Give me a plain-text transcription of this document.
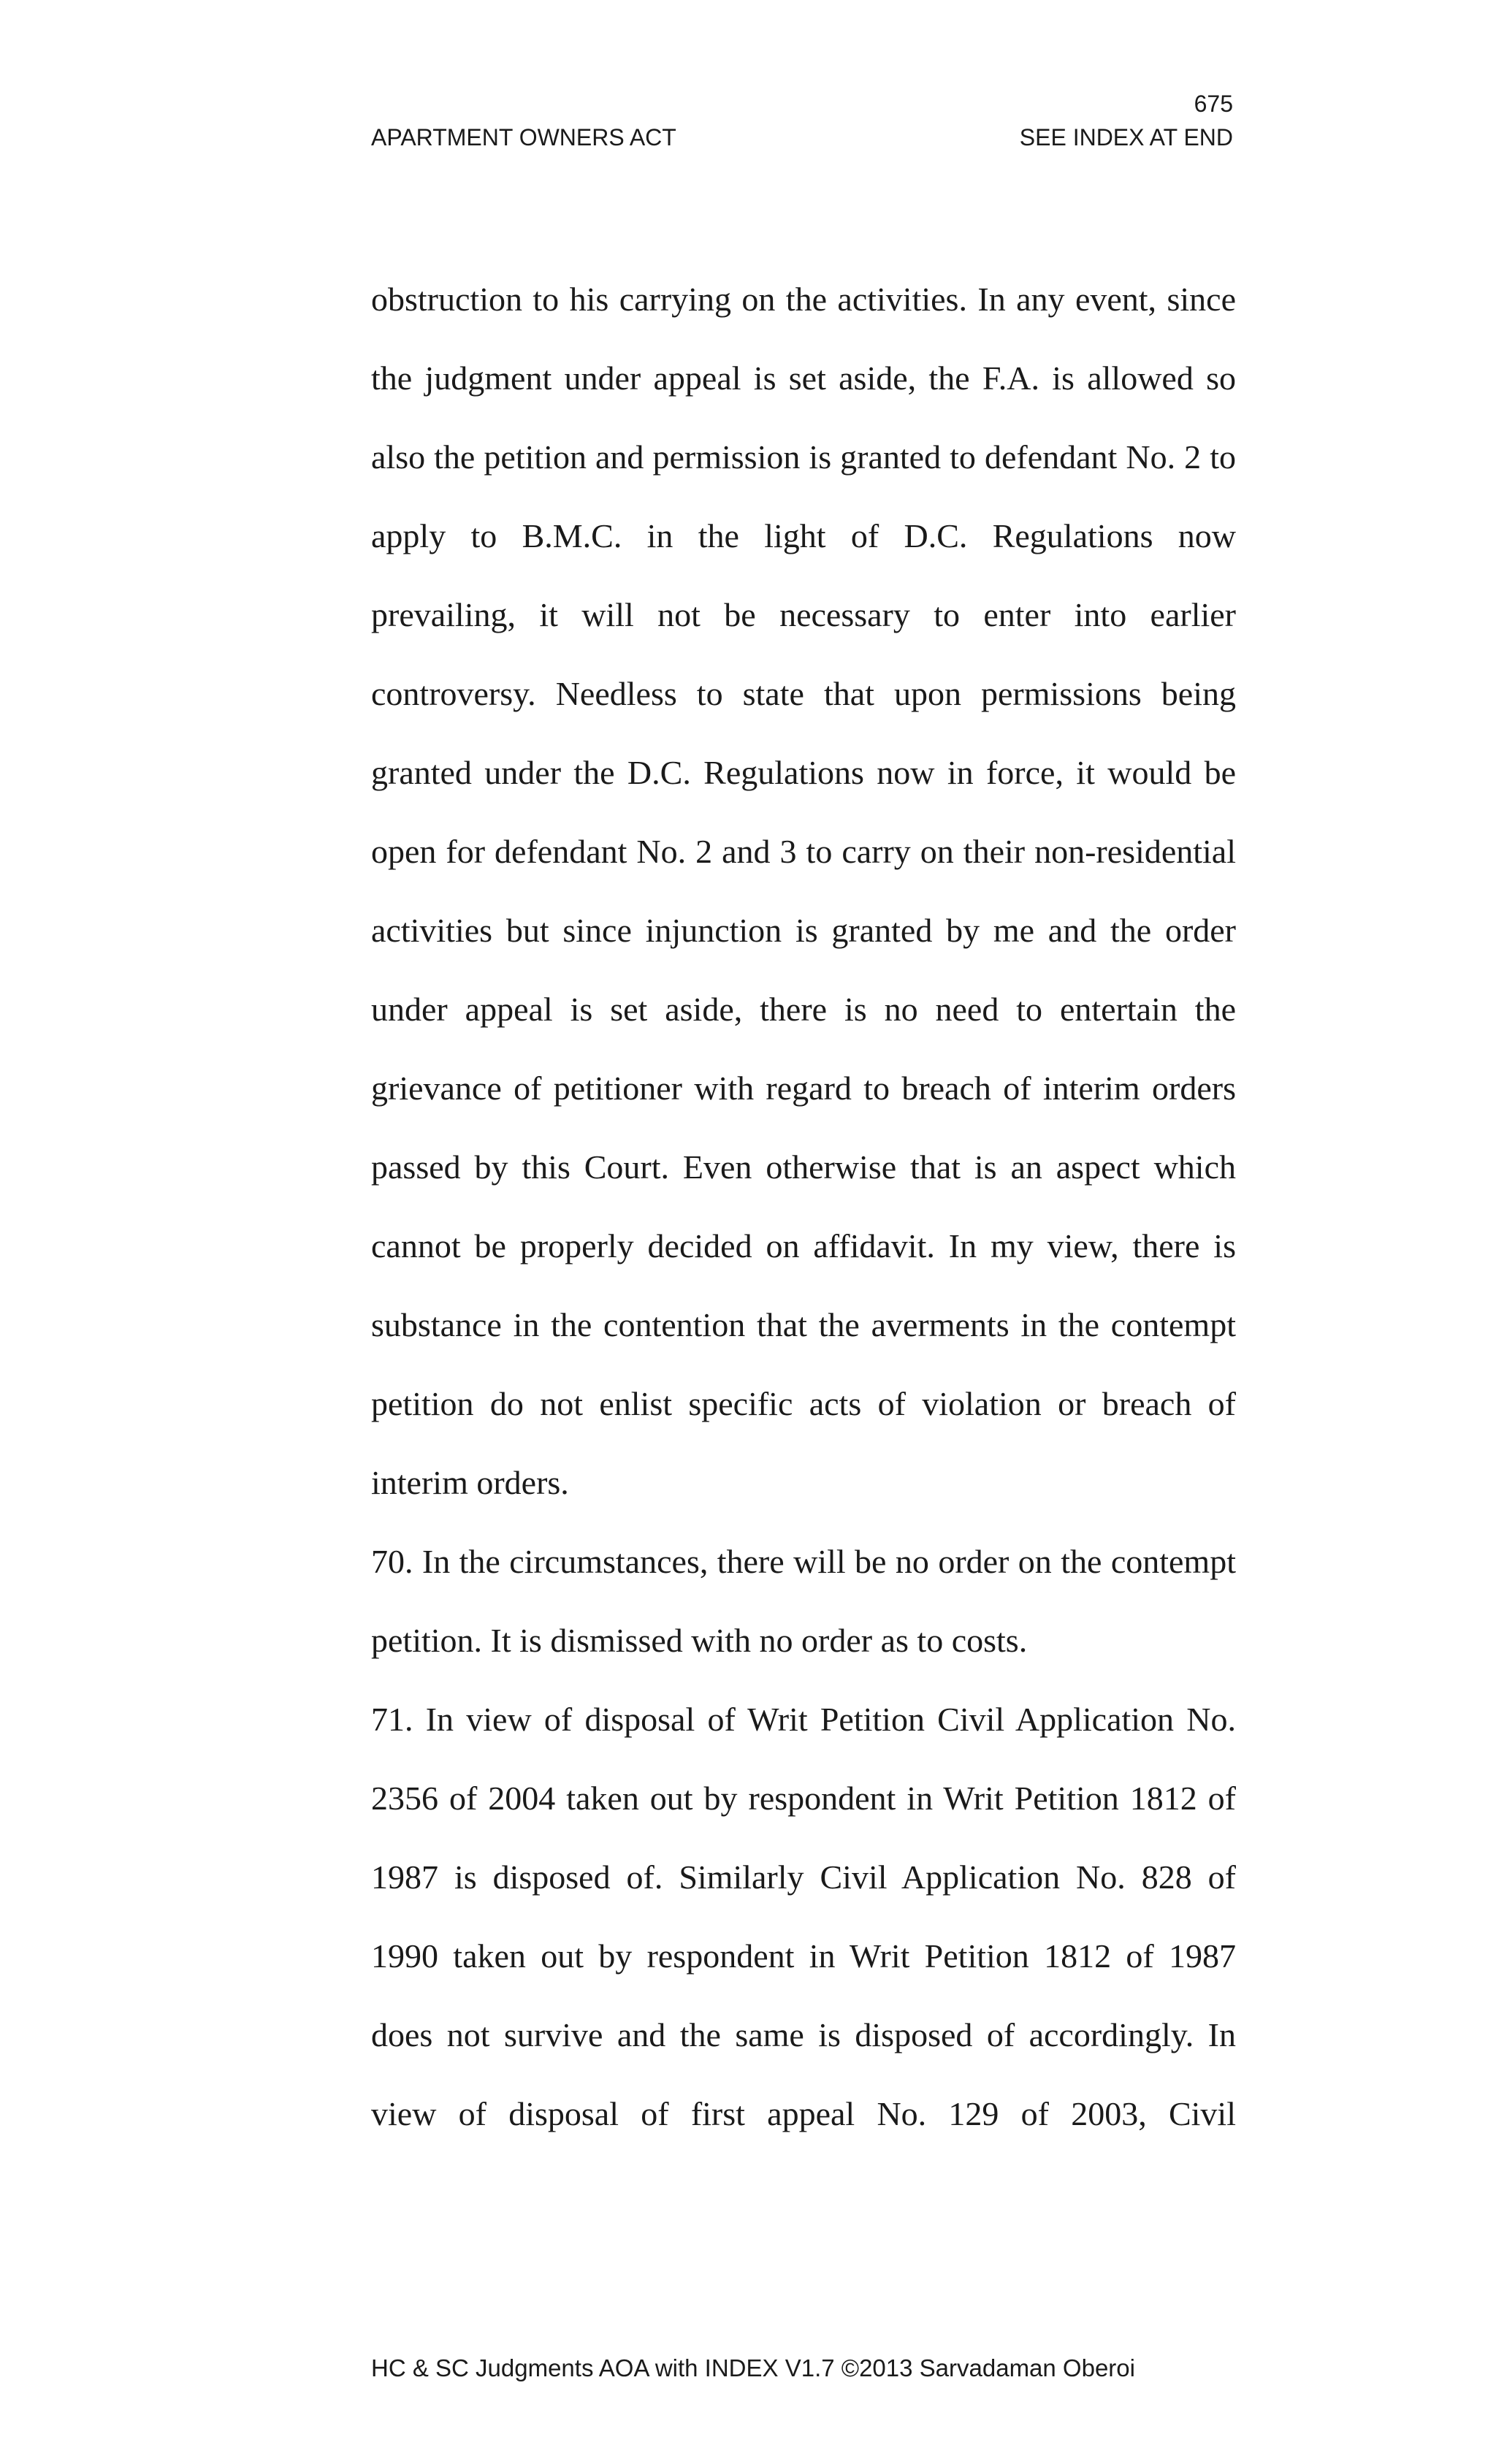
675
APARTMENT OWNERS ACT	SEE INDEX AT END

obstruction to his carrying on the activities. In any event, since the judgment under appeal is set aside, the F.A. is allowed so also the petition and permission is granted to defendant No. 2 to apply to B.M.C. in the light of D.C. Regulations now prevailing, it will not be necessary to enter into earlier controversy. Needless to state that upon permissions being granted under the D.C. Regulations now in force, it would be open for defendant No. 2 and 3 to carry on their non-residential activities but since injunction is granted by me and the order under appeal is set aside, there is no need to entertain the grievance of petitioner with regard to breach of interim orders passed by this Court. Even otherwise that is an aspect which cannot be properly decided on affidavit. In my view, there is substance in the contention that the averments in the contempt petition do not enlist specific acts of violation or breach of interim orders.

70. In the circumstances, there will be no order on the contempt petition. It is dismissed with no order as to costs.

71. In view of disposal of Writ Petition Civil Application No. 2356 of 2004 taken out by respondent in Writ Petition 1812 of 1987 is disposed of. Similarly Civil Application No. 828 of 1990 taken out by respondent in Writ Petition 1812 of 1987 does not survive and the same is disposed of accordingly. In view of disposal of first appeal No. 129 of 2003, Civil

HC & SC Judgments AOA with INDEX V1.7 ©2013 Sarvadaman Oberoi
